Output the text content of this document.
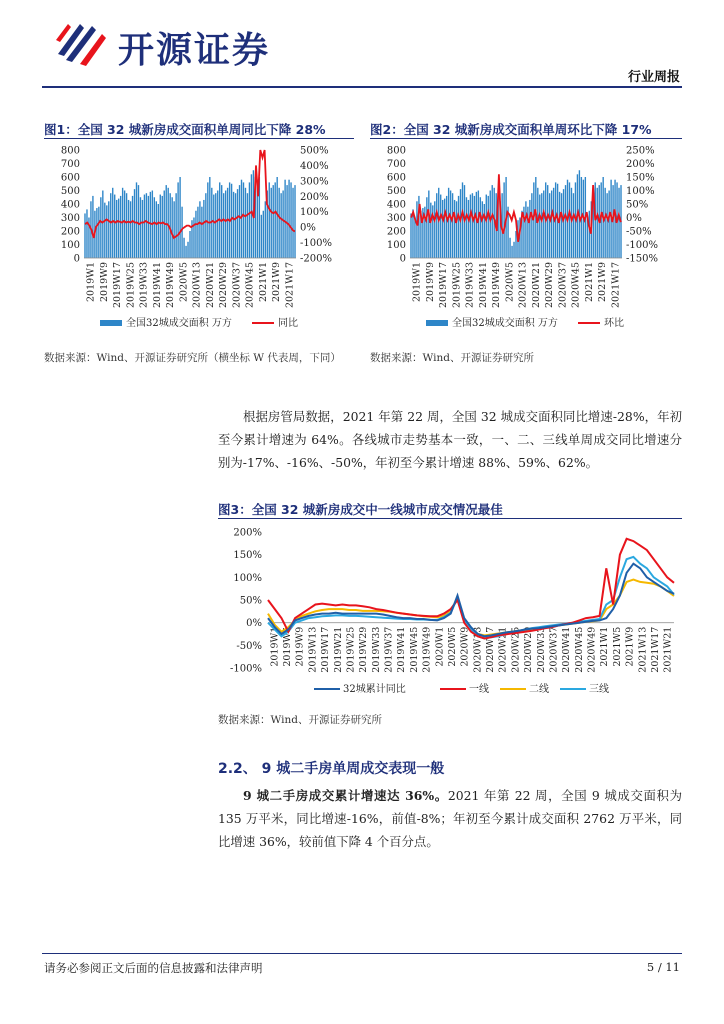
开源证券
行业周报
图1：全国 32 城新房成交面积单周同比下降 28%
0
100
200
300
400
500
600
700
800
-200%
-100%
0%
100%
200%
300%
400%
500%
2019W1 2019W9 2019W17 2019W25 2019W33 2019W41 2019W49 2020W5 2020W13 2020W21 2020W29 2020W37 2020W45 2021W1 2021W9 2021W17
全国32城成交面积 万方	同比
数据来源：Wind、开源证券研究所（横坐标 W 代表周，下同）
图2：全国 32 城新房成交面积单周环比下降 17%
0
100
200
300
400
500
600
700
800
-150%
-100%
-50%
0%
50%
100%
150%
200%
250%
2019W1 2019W9 2019W17 2019W25 2019W33 2019W41 2019W49 2020W5 2020W13 2020W21 2020W29 2020W37 2020W45 2021W1 2021W9 2021W17
全国32城成交面积 万方	环比
数据来源：Wind、开源证券研究所
根据房管局数据，2021 年第 22 周，全国 32 城成交面积同比增速-28%，年初至今累计增速为 64%。各线城市走势基本一致，一、二、三线单周成交同比增速分别为-17%、-16%、-50%，年初至今累计增速 88%、59%、62%。
图3：全国 32 城新房成交中一线城市成交情况最佳
-100%
-50%
0%
50%
100%
150%
200%
2019W1 2019W5 2019W9 2019W13 2019W17 2019W21 2019W25 2019W29 2019W33 2019W37 2019W41 2019W45 2019W49 2020W1 2020W5 2020W9 2020W13 2020W17 2020W21 2020W25 2020W29 2020W33 2020W37 2020W41 2020W45 2020W49 2021W1 2021W5 2021W9 2021W13 2021W17 2021W21
32城累计同比	一线	二线	三线
数据来源：Wind、开源证券研究所
2.2、 9 城二手房单周成交表现一般
9 城二手房成交累计增速达 36%。2021 年第 22 周，全国 9 城成交面积为 135 万平米，同比增速-16%，前值-8%；年初至今累计成交面积 2762 万平米，同比增速 36%，较前值下降 4 个百分点。
请务必参阅正文后面的信息披露和法律声明	5 / 11
